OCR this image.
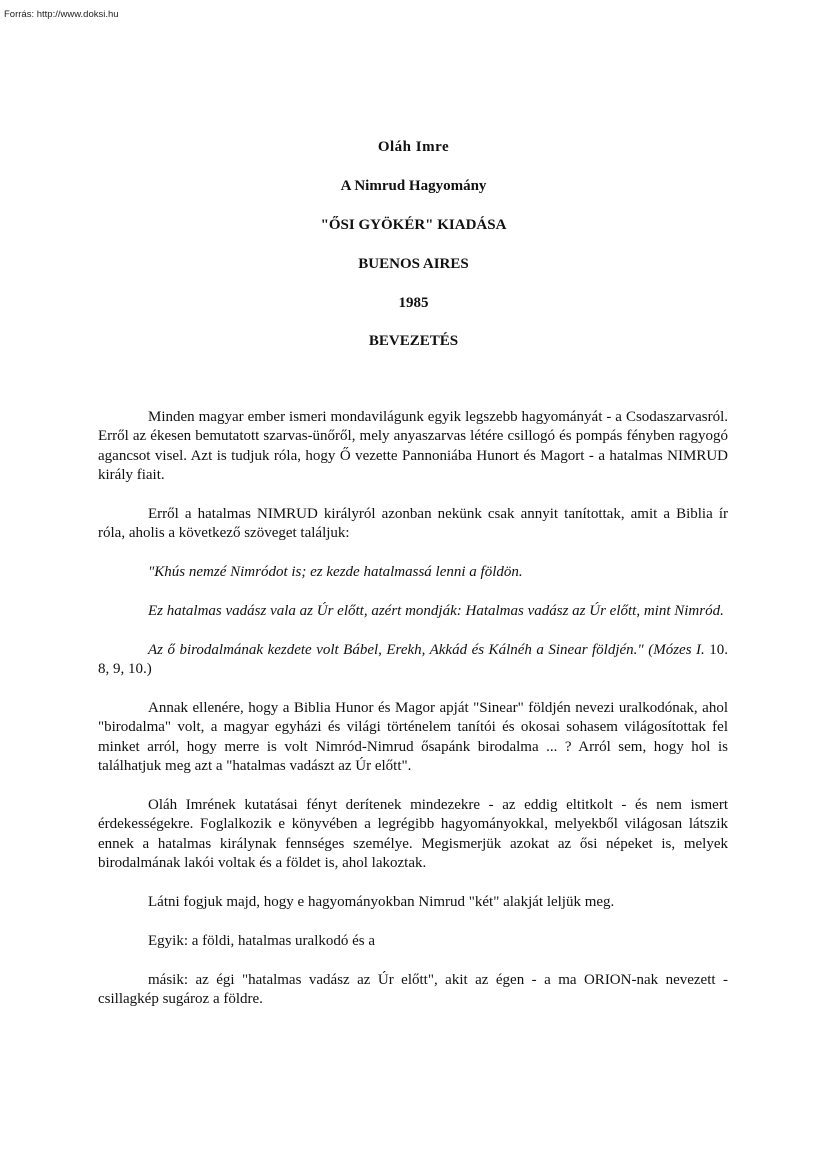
Forrás: http://www.doksi.hu
Oláh Imre
A Nimrud Hagyomány
"ŐSI GYÖKÉR" KIADÁSA
BUENOS AIRES
1985
BEVEZETÉS

Minden magyar ember ismeri mondavilágunk egyik legszebb hagyományát - a Csodaszarvasról. Erről az ékesen bemutatott szarvas-ünőről, mely anyaszarvas létére csillogó és pompás fényben ragyogó agancsot visel. Azt is tudjuk róla, hogy Ő vezette Pannoniába Hunort és Magort - a hatalmas NIMRUD király fiait.

Erről a hatalmas NIMRUD királyról azonban nekünk csak annyit tanítottak, amit a Biblia ír róla, aholis a következő szöveget találjuk:

"Khús nemzé Nimródot is; ez kezde hatalmassá lenni a földön.

Ez hatalmas vadász vala az Úr előtt, azért mondják: Hatalmas vadász az Úr előtt, mint Nimród.

Az ő birodalmának kezdete volt Bábel, Erekh, Akkád és Kálnéh a Sinear földjén." (Mózes I. 10. 8, 9, 10.)

Annak ellenére, hogy a Biblia Hunor és Magor apját "Sinear" földjén nevezi uralkodónak, ahol "birodalma" volt, a magyar egyházi és világi történelem tanítói és okosai sohasem világosítottak fel minket arról, hogy merre is volt Nimród-Nimrud ősapánk birodalma ... ? Arról sem, hogy hol is találhatjuk meg azt a "hatalmas vadászt az Úr előtt".

Oláh Imrének kutatásai fényt derítenek mindezekre - az eddig eltitkolt - és nem ismert érdekességekre. Foglalkozik e könyvében a legrégibb hagyományokkal, melyekből világosan látszik ennek a hatalmas királynak fennséges személye. Megismerjük azokat az ősi népeket is, melyek birodalmának lakói voltak és a földet is, ahol lakoztak.

Látni fogjuk majd, hogy e hagyományokban Nimrud "két" alakját leljük meg.

Egyik: a földi, hatalmas uralkodó és a

másik: az égi "hatalmas vadász az Úr előtt", akit az égen - a ma ORION-nak nevezett - csillagkép sugároz a földre.
